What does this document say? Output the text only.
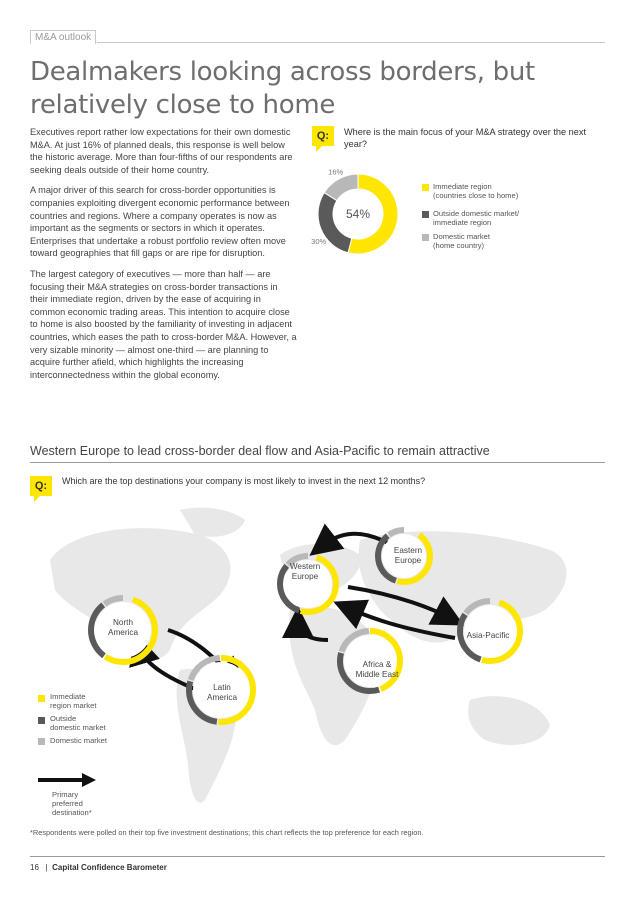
M&A outlook
Dealmakers looking across borders, but relatively close to home

Executives report rather low expectations for their own domestic M&A. At just 16% of planned deals, this response is well below the historic average. More than four-fifths of our respondents are seeking deals outside of their home country.

A major driver of this search for cross-border opportunities is companies exploiting divergent economic performance between countries and regions. Where a company operates is now as important as the segments or sectors in which it operates. Enterprises that undertake a robust portfolio review often move toward geographies that fill gaps or are ripe for disruption.

The largest category of executives — more than half — are focusing their M&A strategies on cross-border transactions in their immediate region, driven by the ease of acquiring in common economic trading areas. This intention to acquire close to home is also boosted by the familiarity of investing in adjacent countries, which eases the path to cross-border M&A. However, a very sizable minority — almost one-third — are planning to acquire further afield, which highlights the increasing interconnectedness within the global economy.

Q:	Where is the main focus of your M&A strategy over the next year?
54%
30%
16%
Immediate region
(countries close to home)
Outside domestic market/
immediate region
Domestic market
(home country)
Western Europe to lead cross-border deal flow and Asia-Pacific to remain attractive
Q:	Which are the top destinations your company is most likely to invest in the next 12 months?
North
America
Latin
America
Western
Europe
Eastern
Europe
Africa &
Middle East
Asia-Pacific
Immediate
region market
Outside
domestic market
Domestic market
Primary
preferred
destination*
*Respondents were polled on their top five investment destinations; this chart reflects the top preference for each region.
16 | Capital Confidence Barometer
